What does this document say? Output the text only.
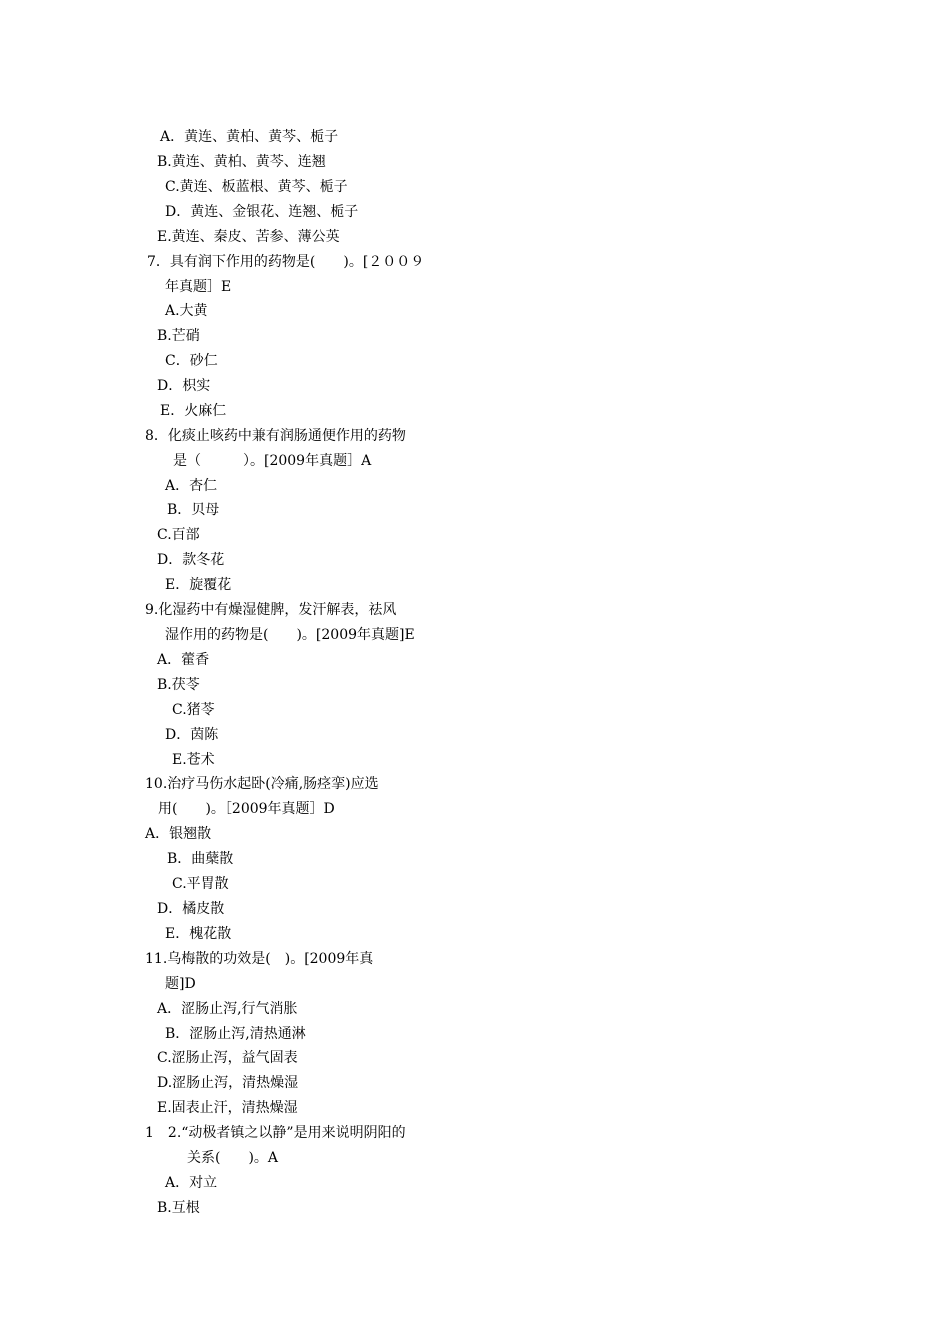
A．黄连、黄柏、黄芩、栀子
B.黄连、黄柏、黄芩、连翘
C.黄连、板蓝根、黄芩、栀子
D．黄连、金银花、连翘、栀子
E.黄连、秦皮、苦参、薄公英
7．具有润下作用的药物是(　　)。[２００９
年真题］E
A.大黄
B.芒硝
C．砂仁
D．枳实
E．火麻仁
8．化痰止咳药中兼有润肠通便作用的药物
是（　　　）。[2009年真题］A
A．杏仁
B．贝母
C.百部
D．款冬花
E．旋覆花
9.化湿药中有燥湿健脾，发汗解表，祛风
湿作用的药物是(　　)。[2009年真题]E
A．藿香
B.茯苓
C.猪苓
D．茵陈
E.苍术
10.治疗马伤水起卧(冷痛,肠痉挛)应选
用(　　)。［2009年真题］D
A．银翘散
B．曲蘖散
C.平胃散
D．橘皮散
E．槐花散
11.乌梅散的功效是(　)。[2009年真
题]D
A．涩肠止泻,行气消胀
B．涩肠止泻,清热通淋
C.涩肠止泻，益气固表
D.涩肠止泻，清热燥湿
E.固表止汗，清热燥湿
1　2.“动极者镇之以静”是用来说明阴阳的
关系(　　)。A
A．对立
B.互根
